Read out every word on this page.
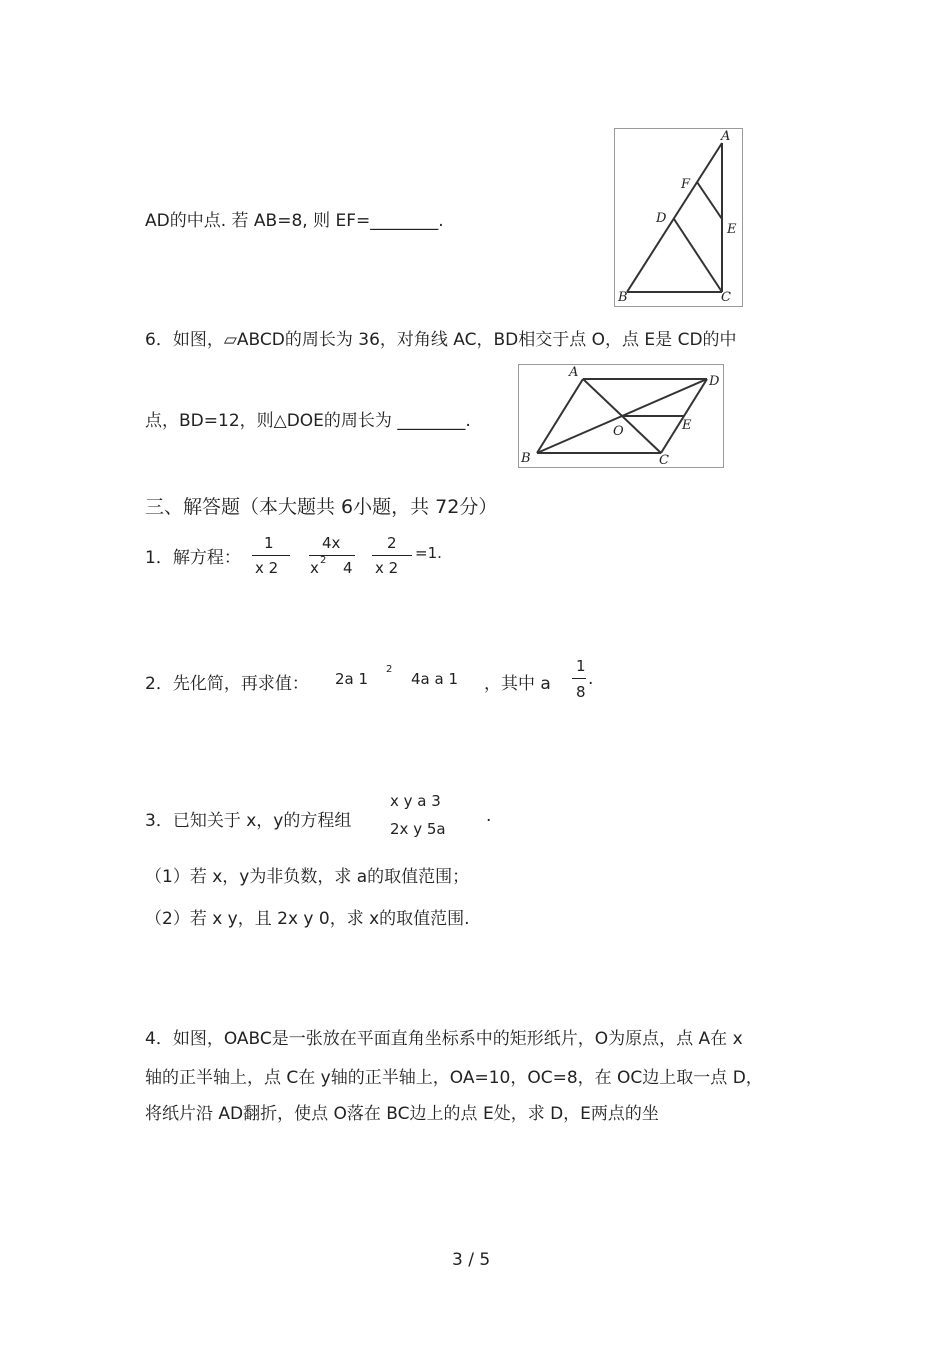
AD的中点. 若 AB=8, 则 EF=________.
A
F
D
E
B	C
6．如图，▱ABCD的周长为 36，对角线 AC，BD相交于点 O，点 E是 CD的中
点，BD=12，则△DOE的周长为 ________.
A
D
O	E
B	C
三、解答题（本大题共 6小题，共 72分）
1．解方程：
1
x 2
4x
x 2 4
2
x 2
=1.
2．先化简，再求值： 2a 1
2
4a a 1 ，其中 a
1
8
.
3．已知关于 x，y的方程组
x y a 3
2x y 5a
.
（1）若 x，y为非负数，求 a的取值范围；
（2）若 x y，且 2x y 0，求 x的取值范围.
4．如图，OABC是一张放在平面直角坐标系中的矩形纸片，O为原点，点 A在 x
轴的正半轴上，点 C在 y轴的正半轴上，OA=10，OC=8，在 OC边上取一点 D，
将纸片沿 AD翻折，使点 O落在 BC边上的点 E处，求 D，E两点的坐
3 / 5
